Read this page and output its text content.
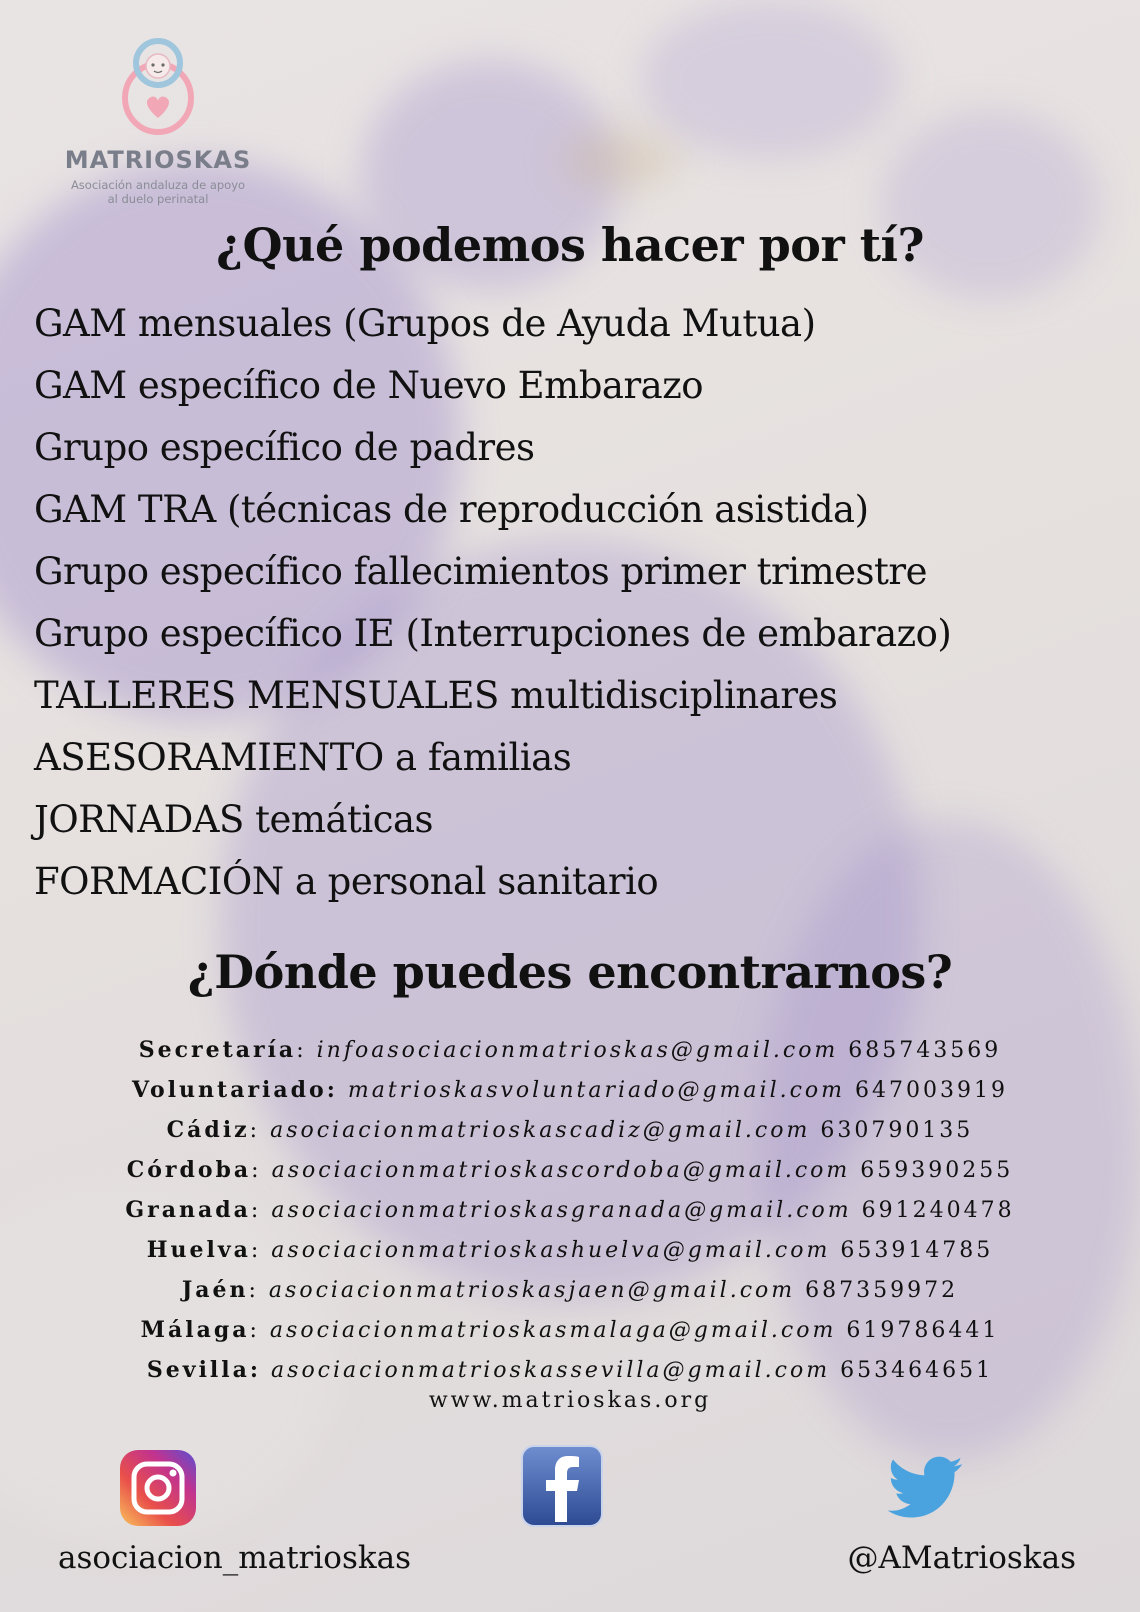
MATRIOSKAS
Asociación andaluza de apoyo
al duelo perinatal
¿Qué podemos hacer por tí?
GAM mensuales (Grupos de Ayuda Mutua)
GAM específico de Nuevo Embarazo
Grupo específico de padres
GAM TRA (técnicas de reproducción asistida)
Grupo específico fallecimientos primer trimestre
Grupo específico IE (Interrupciones de embarazo)
TALLERES MENSUALES multidisciplinares
ASESORAMIENTO a familias
JORNADAS temáticas
FORMACIÓN a personal sanitario
¿Dónde puedes encontrarnos?
Secretaría: infoasociacionmatrioskas@gmail.com 685743569
Voluntariado: matrioskasvoluntariado@gmail.com 647003919
Cádiz: asociacionmatrioskascadiz@gmail.com 630790135
Córdoba: asociacionmatrioskascordoba@gmail.com 659390255
Granada: asociacionmatrioskasgranada@gmail.com 691240478
Huelva: asociacionmatrioskashuelva@gmail.com 653914785
Jaén: asociacionmatrioskasjaen@gmail.com 687359972
Málaga: asociacionmatrioskasmalaga@gmail.com 619786441
Sevilla: asociacionmatrioskassevilla@gmail.com 653464651
www.matrioskas.org
asociacion_matrioskas	@AMatrioskas
